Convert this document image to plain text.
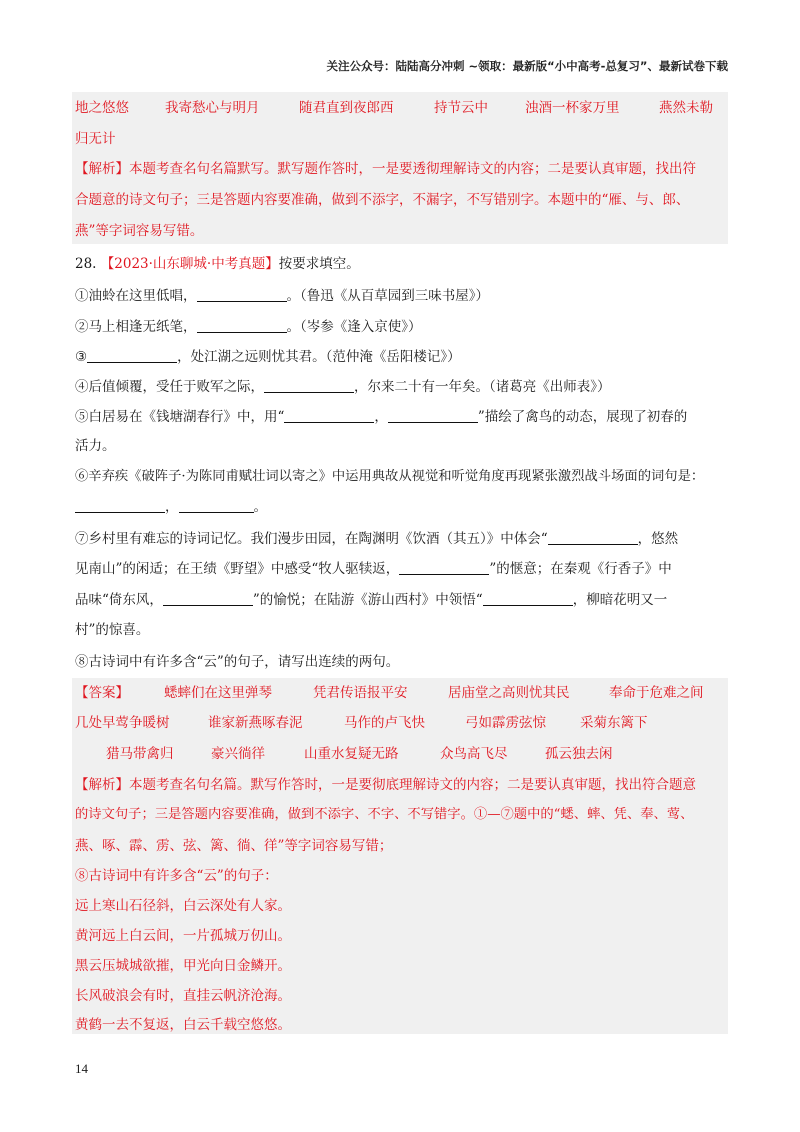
关注公众号：陆陆高分冲刺 ~领取：最新版“小中高考-总复习”、最新试卷下载
地之悠悠	我寄愁心与明月	随君直到夜郎西	持节云中	浊酒一杯家万里	燕然未勒
归无计
【解析】本题考查名句名篇默写。默写题作答时，一是要透彻理解诗文的内容；二是要认真审题，找出符
合题意的诗文句子；三是答题内容要准确，做到不添字，不漏字，不写错别字。本题中的“雁、与、郎、
燕”等字词容易写错。
28. 【2023·山东聊城·中考真题】按要求填空。
①油蛉在这里低唱，	。（鲁迅《从百草园到三味书屋》）
②马上相逢无纸笔，	。（岑参《逢入京使》）
③	，处江湖之远则忧其君。（范仲淹《岳阳楼记》）
④后值倾覆，受任于败军之际，	，尔来二十有一年矣。（诸葛亮《出师表》）
⑤白居易在《钱塘湖春行》中，用“	，	”描绘了禽鸟的动态，展现了初春的
活力。
⑥辛弃疾《破阵子·为陈同甫赋壮词以寄之》中运用典故从视觉和听觉角度再现紧张激烈战斗场面的词句是：
，	。
⑦乡村里有难忘的诗词记忆。我们漫步田园，在陶渊明《饮酒（其五）》中体会“	，悠然
见南山”的闲适；在王绩《野望》中感受“牧人驱犊返，	”的惬意；在秦观《行香子》中
品味“倚东风，	”的愉悦；在陆游《游山西村》中领悟“	，柳暗花明又一
村”的惊喜。
⑧古诗词中有许多含“云”的句子，请写出连续的两句。
【答案】	蟋蟀们在这里弹琴	凭君传语报平安	居庙堂之高则忧其民	奉命于危难之间
几处早莺争暖树	谁家新燕啄春泥	马作的卢飞快	弓如霹雳弦惊	采菊东篱下
猎马带禽归	豪兴徜徉	山重水复疑无路	众鸟高飞尽	孤云独去闲
【解析】本题考查名句名篇。默写作答时，一是要彻底理解诗文的内容；二是要认真审题，找出符合题意
的诗文句子；三是答题内容要准确，做到不添字、不字、不写错字。①—⑦题中的“蟋、蟀、凭、奉、莺、
燕、啄、霹、雳、弦、篱、徜、徉”等字词容易写错；
⑧古诗词中有许多含“云”的句子：
远上寒山石径斜，白云深处有人家。
黄河远上白云间，一片孤城万仞山。
黑云压城城欲摧，甲光向日金鳞开。
长风破浪会有时，直挂云帆济沧海。
黄鹤一去不复返，白云千载空悠悠。
14
